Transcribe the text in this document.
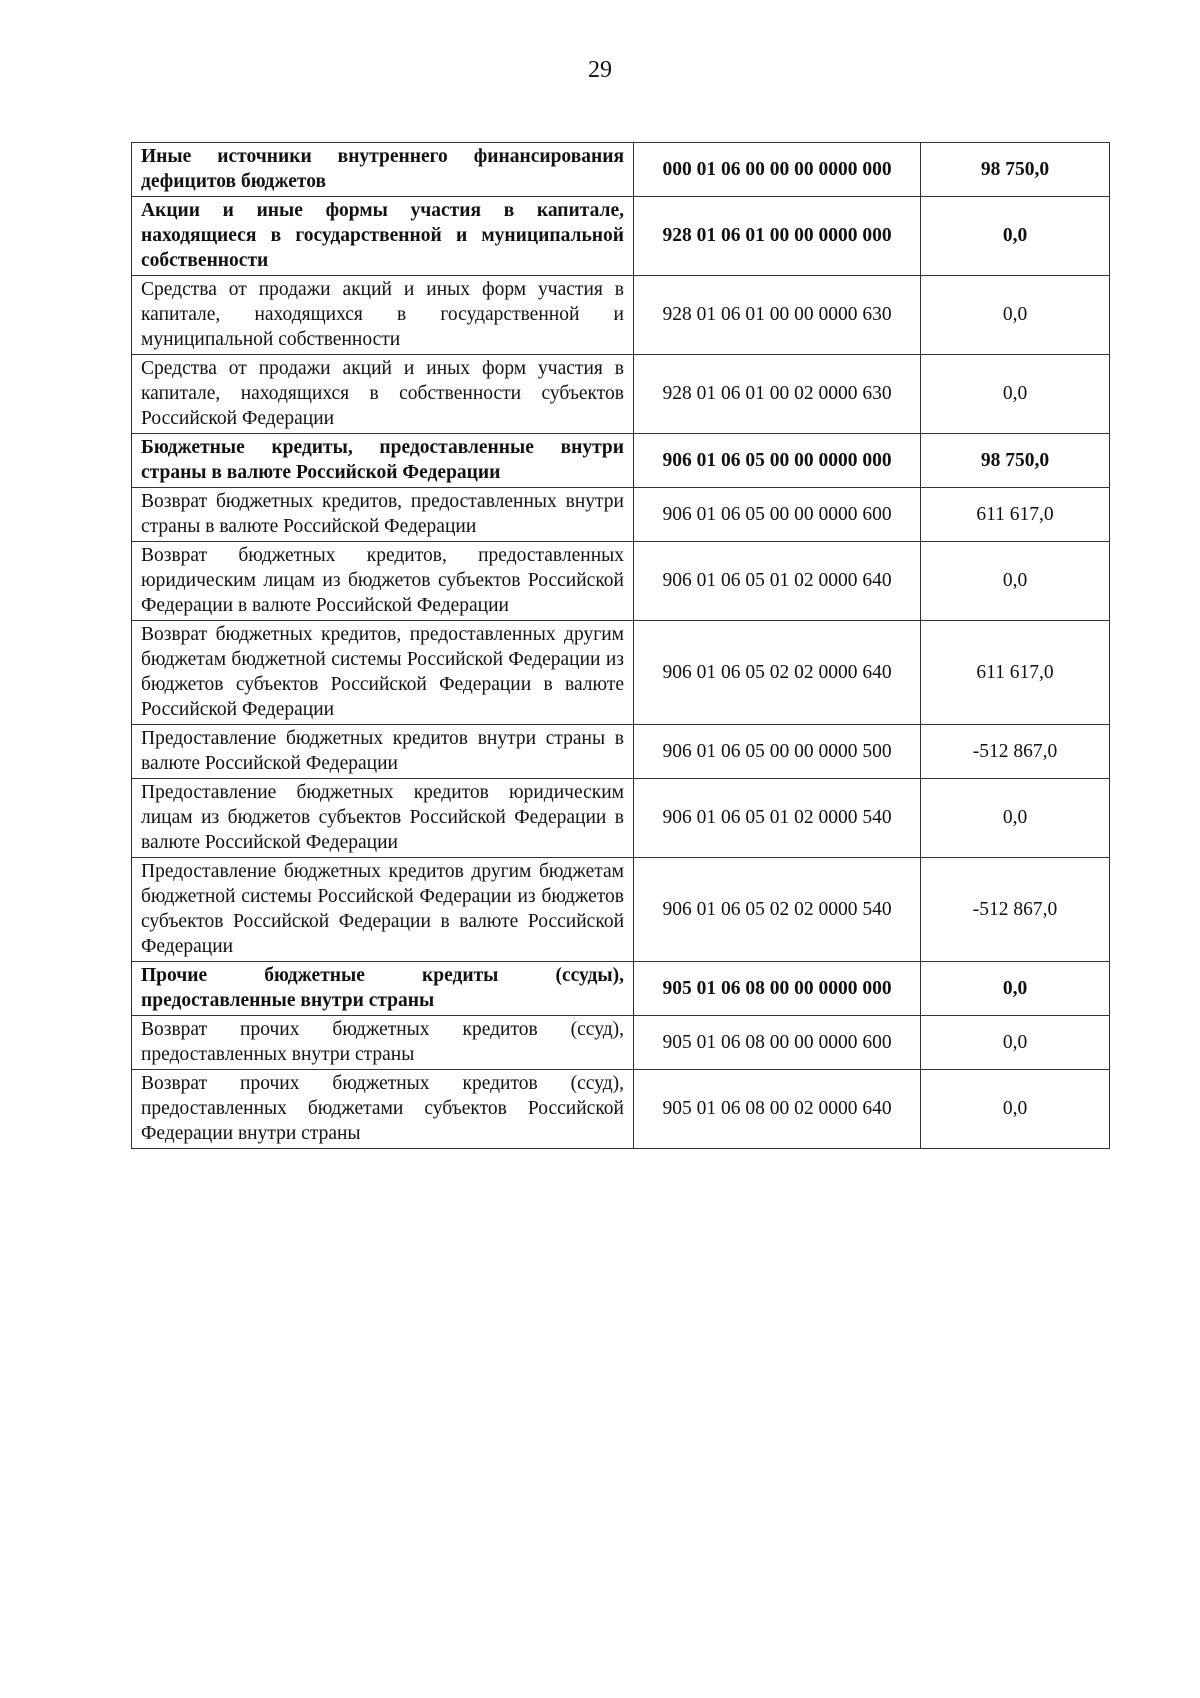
29
Иные источники внутреннего финансирования дефицитов бюджетов	000 01 06 00 00 00 0000 000	98 750,0
Акции и иные формы участия в капитале, находящиеся в государственной и муниципальной собственности	928 01 06 01 00 00 0000 000	0,0
Средства от продажи акций и иных форм участия в капитале, находящихся в государственной и муниципальной собственности	928 01 06 01 00 00 0000 630	0,0
Средства от продажи акций и иных форм участия в капитале, находящихся в собственности субъектов Российской Федерации	928 01 06 01 00 02 0000 630	0,0
Бюджетные кредиты, предоставленные внутри страны в валюте Российской Федерации	906 01 06 05 00 00 0000 000	98 750,0
Возврат бюджетных кредитов, предоставленных внутри страны в валюте Российской Федерации	906 01 06 05 00 00 0000 600	611 617,0
Возврат бюджетных кредитов, предоставленных юридическим лицам из бюджетов субъектов Российской Федерации в валюте Российской Федерации	906 01 06 05 01 02 0000 640	0,0
Возврат бюджетных кредитов, предоставленных другим бюджетам бюджетной системы Российской Федерации из бюджетов субъектов Российской Федерации в валюте Российской Федерации	906 01 06 05 02 02 0000 640	611 617,0
Предоставление бюджетных кредитов внутри страны в валюте Российской Федерации	906 01 06 05 00 00 0000 500	-512 867,0
Предоставление бюджетных кредитов юридическим лицам из бюджетов субъектов Российской Федерации в валюте Российской Федерации	906 01 06 05 01 02 0000 540	0,0
Предоставление бюджетных кредитов другим бюджетам бюджетной системы Российской Федерации из бюджетов субъектов Российской Федерации в валюте Российской Федерации	906 01 06 05 02 02 0000 540	-512 867,0
Прочие бюджетные кредиты (ссуды), предоставленные внутри страны	905 01 06 08 00 00 0000 000	0,0
Возврат прочих бюджетных кредитов (ссуд), предоставленных внутри страны	905 01 06 08 00 00 0000 600	0,0
Возврат прочих бюджетных кредитов (ссуд), предоставленных бюджетами субъектов Российской Федерации внутри страны	905 01 06 08 00 02 0000 640	0,0
